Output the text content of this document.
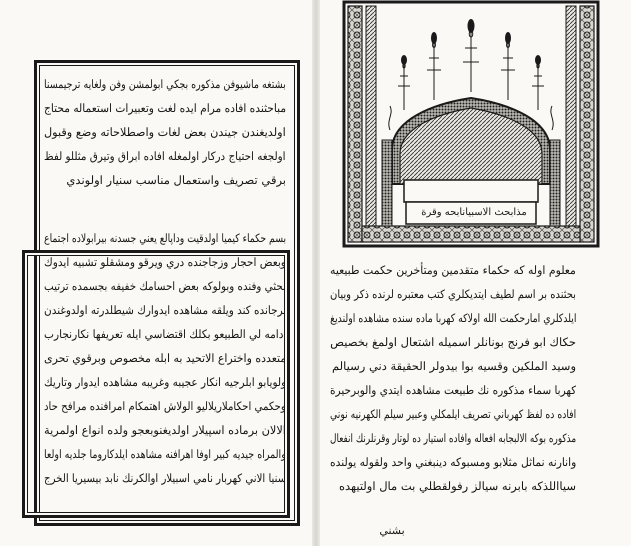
بشتغه ماشيوفن مذكوره بجكي ابولمشن وفن ولغايه ترجيمسنا
مباحثنده افاده مرام ايده لغت وتعبيرات استعماله محتاج
اولديغندن جيندن بعض لغات واصطلاحاته وضع وقبول
اولجغه احتياج درکار اولمغله افاده ابراق وتيرق مثللو لفظ
برقي تصريف واستعمال مناسب سنيار اولوندي
بسم حكماء كيميا اولدقيت وداپالع يعني جسدنه بيرابولاده اجتماع
وبعض احجار وزجاجنده دري ويرقو ومشقلو تشبيه ايدوك
بحثي وفنده وبولوكه بعض احسامك خفيفه بجسمده ترتيب
برجانده كند ويلقه مشاهده ايدوارك شيطلدرته اولدوغندن
ادامه لي الطبيعو بكلك اقتضاسي ايله تعريفها نكارنجارب
متعدده واختراع الاتحيد به ابله مخصوص وبرقوي تحرى
ولويابو ابلرجيه انكار عجيبه وغريبه مشاهده ايدوار وتاريك
وحكمي احكاملاريلاليو الولاش اهتمكام امرافنده مرافح حاد
الالان برماده اسپيلار اولديغنوبعجو ولده انواع اولمرية
والمراه جيديه كبير اوفا اهرافنه مشاهده ايلدكاروما جلديه اولعا
سنيا الاني كهربار نامي اسبيلار اوالكرنك نابد بيسيريا الخرج
مذابحث الاسبيانابحه وقرة
معلوم اوله كه حكماء متقدمين ومتأخرين حكمت طبيعيه
بحثنده بر اسم لطيف ايتديكلري كتب معتبره لرنده ذكر وبيان
ايلدكلري امارحكمت الله اولاكه كهربا ماده سنده مشاهده اولنديغ
حكاك ابو فرنج بونانلر اسميله اشتعال اولمغ بخصيص
وسيد الملكين وقسيه بوا بيدولر الحقيقة دني رسيالم
كهربا سماء مذكوره نك طبيعت مشاهده ايتدي والوبرحيرة
افاده ده لفظ كهرباني تصريف ايلمكلي وعبير سيلم الكهرنيه نوني
مذكوره بوكه الالبجابه افعاله وافاده استيار ده لوتار وقرنلرنك انفعال
وانارنه نماثل مثلابو ومسبوكه دينبغني واحد ولقوله يولنده
سيااللذكه بابرنه سيالز رفولقطلي بت مال اولتيهده
بشني
